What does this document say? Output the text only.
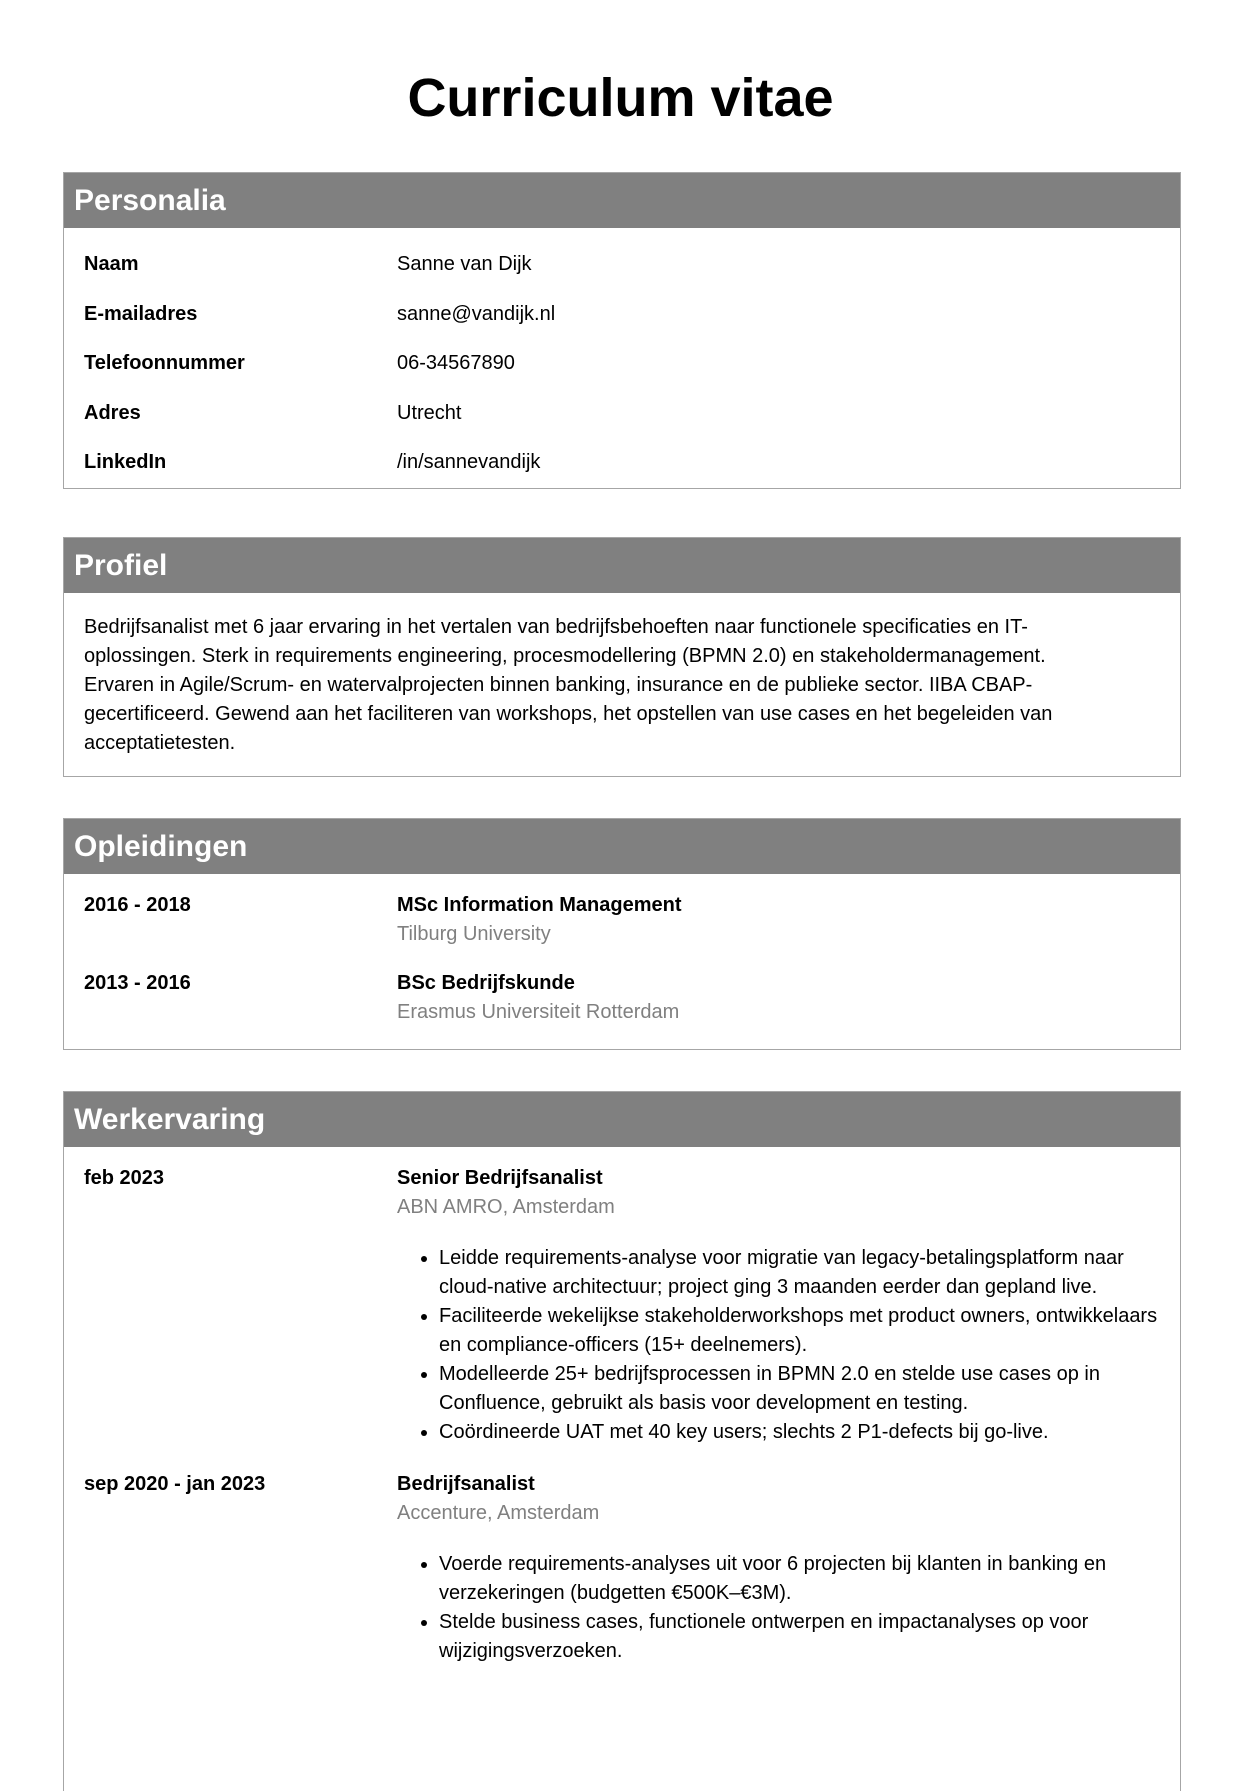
Curriculum vitae
Personalia
Naam	Sanne van Dijk
E-mailadres	sanne@vandijk.nl
Telefoonnummer	06-34567890
Adres	Utrecht
LinkedIn	/in/sannevandijk
Profiel
Bedrijfsanalist met 6 jaar ervaring in het vertalen van bedrijfsbehoeften naar functionele specificaties en IT-oplossingen. Sterk in requirements engineering, procesmodellering (BPMN 2.0) en stakeholdermanagement. Ervaren in Agile/Scrum- en watervalprojecten binnen banking, insurance en de publieke sector. IIBA CBAP-gecertificeerd. Gewend aan het faciliteren van workshops, het opstellen van use cases en het begeleiden van acceptatietesten.
Opleidingen
2016 - 2018	MSc Information Management
Tilburg University
2013 - 2016	BSc Bedrijfskunde
Erasmus Universiteit Rotterdam
Werkervaring
feb 2023	Senior Bedrijfsanalist
ABN AMRO, Amsterdam
• Leidde requirements-analyse voor migratie van legacy-betalingsplatform naar cloud-native architectuur; project ging 3 maanden eerder dan gepland live.
• Faciliteerde wekelijkse stakeholderworkshops met product owners, ontwikkelaars en compliance-officers (15+ deelnemers).
• Modelleerde 25+ bedrijfsprocessen in BPMN 2.0 en stelde use cases op in Confluence, gebruikt als basis voor development en testing.
• Coördineerde UAT met 40 key users; slechts 2 P1-defects bij go-live.
sep 2020 - jan 2023	Bedrijfsanalist
Accenture, Amsterdam
• Voerde requirements-analyses uit voor 6 projecten bij klanten in banking en verzekeringen (budgetten €500K–€3M).
• Stelde business cases, functionele ontwerpen en impactanalyses op voor wijzigingsverzoeken.
